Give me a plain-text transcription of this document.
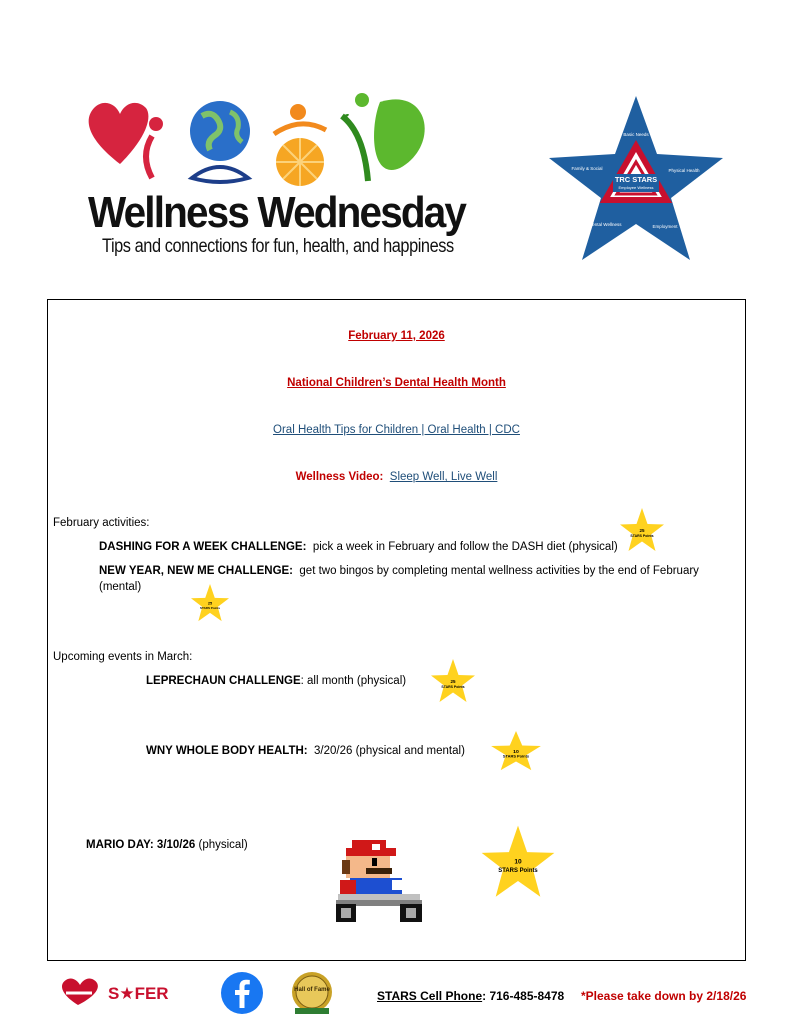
Wellness Wednesday
Tips and connections for fun, health, and happiness
TRC STARS
Employee Wellness
Basic Needs
Physical Health
Employment
Mental Wellness
Family & Social
February 11, 2026
National Children’s Dental Health Month
Oral Health Tips for Children | Oral Health | CDC
Wellness Video: Sleep Well, Live Well
February activities:
DASHING FOR A WEEK CHALLENGE: pick a week in February and follow the DASH diet (physical)
NEW YEAR, NEW ME CHALLENGE: get two bingos by completing mental wellness activities by the end of February
(mental)
Upcoming events in March:
LEPRECHAUN CHALLENGE: all month (physical)
WNY WHOLE BODY HEALTH: 3/20/26 (physical and mental)
MARIO DAY: 3/10/26 (physical)
25
STARS Points
25
STARS Points
25
STARS Points
10
STARS Points
10
STARS Points
S★FER	Hall of Fame	STARS Cell Phone: 716-485-8478 *Please take down by 2/18/26
